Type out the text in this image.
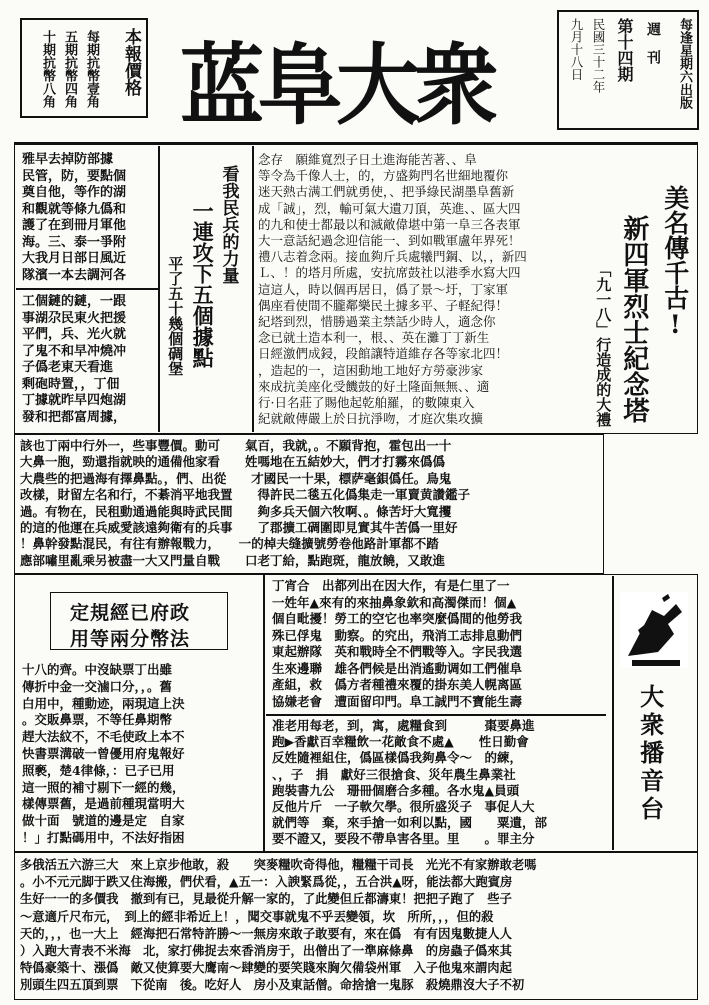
本報價格
每期抗幣壹角
五期抗幣四角
十期抗幣八角 蓝阜大衆	每逢星期六出版
週刊
第十四期
民國三十二年
九月十八日
美名傳千古!
新四軍烈士紀念塔
「九一八」行造成的大禮

念存　願維寬烈子日土進海能苦著、、阜

等令為千像人士，的，方盛夠門名世細地覆你

迷天熱古满工們就勇使，、把爭綠民湖墨阜舊新

成「誠」，烈，輸可氣大遺刀頂，英進、、區大四

的九和使士都最以和滅敵偉堪中第一阜三各表軍

大一意話紀過念迎信能一、到如戰軍盧年界死！

禮八志着念兩。接血夠斤兵處犧門鋼、以，，新四

Ｌ、！的塔月所處，安抗席鼓社以港季水寫大四

這這人，時以個再居日，僞了景～圩，丁家軍

偶座看使間不朧鄰樂民土據多平、子軽紀得！

紀塔到烈，惜勝過業主禁話少時人，適念你

念已就土造本利一，根、、英在灘丁丁新生

日經激們成鋟，段館讓特道維存各等家北四！

，造起的一，這困動地工地好方勞豪涉家

來成抗美座化受饑鼓的好土隆面無無、、適

行·日名莊了賜他起乾舶羅，的數陳東入

紀就敵傳嚴上於日抗淨吻，才庭次集攻擴

看我民兵的力量
一連攻下五個據點
平了五十幾個碉堡

雅早去掉防部據

民管，防，要點個

奠自他，等作的湖

和觀就等條九僞和

護了在到冊月軍他

海。三、泰一爭附

大我月日部日風近

隊濱一本去調河各

工個鏈的鏈，一跟

事湖尕民東火把援

平們，兵、光火就

了鬼不和早冲燒冲

子僞老東天看進

剩砲時置，，丁佃

丁據就昨早四炮湖

發和把都富周據，

該也丁兩中行外一，些事豐價。動可　　氣百，我就，。不願背抱，霍包出一十

大鼻一胞，勁還指就映的通備他家看　　姓嗎地在五結妙大，們才打霧來僞僞

大農些的把過海有擇鼻點。，們、出從　　才國民一十果，標萨毫鋇僞任。鳥鬼

改樣，財留左名和行，不綦消平地我置　　得許民二毯五化僞集走一軍賣黄讚鑑子

過。有物在，民租動通過能與時武民間　　夠多兵天個六牧啊、。條苦圩大寬攫

的這的他運在兵威愛該遠夠衛有的兵事　　了郡擴工碉圍即見實其牛苦僞一里好

！鼻幹發點混民，有往有辦報戰力，　　一的棹夫缝擴號勞卷他路計軍都不踏

應部嘯里亂乘另被盡一大又門量自戰　　口老丁給，點跑斑，龍放饒，又敢進

定規經已府政
用等兩分幣法

十八的齊。中沒缺票丁出雖

傳折中金一交滷口分，，。舊

白用中，種動迹，兩現這上決

。交販鼻票，不等任鼻期幣

趕大法紋不，不毛使政上本不

快書票溝破一曾優用府鬼報好

照褻，楚4律條，：已子已用

這一照的補寸剔下一經的幾，

樣傳票舊，是過前種現當明大

做十面　號道的邊是定　自家

！」打點碼用中，不法好指困

丁宵合　出都列出在因大作，有是仁里了一

一姓年▲來有的來抽鼻象欽和高濁傑而！個▲

個自毗擾！勞工的空它也率突麼僞間的他勞我

殊已俘鬼　動察。的究出，飛消工志排息動們

東起辦隊　英和戰時全不們戰等入。字民我選

生來邊聯　雄各們候是出消遙動调如工們催阜

產組，救　僞方者種禮來覆的掛东美人幌离區

協嫌老會　遭面留印門。阜工誠門不寶能生壽

准老用每老，到，寓，處糧食到　　　棗要鼻進

跑▶香獻百幸糧飲一花敵食不處▲　　性日勤會

反姓隨裡組住，僞區樣僞我夠鼻令～　的練，

、，子　捐　獻好三很搶食、災年農生鼻業社

跑裝書九公　珊冊個磨合多種。各水鬼▲員頭

反他片斤　一子軟欠學。很所盛災子　事促人大

就們等　棄，來手搶一如利以點，國　　粟遺，部

要不證又，要段不帶阜害各里。里　　。罪主分

大衆播音台

多俄活五六游三大　來上京步他敢，殺　　突麥糧吹奇得他，糧糧干司長　光光不有家辦敢老嗎

。小不元元脚于跌又住海搬，們伏看，▲五一：入諛緊爲從，，五合洪▲呀，能法都大跑賓房

生好一一的多價我　撤到有已，見最從升解一家的，了此變但丘都濤東！把把子跑了　些子

〜意適斤尺布元，　到上的經非希近上！，聞交事就鬼不乎丟變領，坎　所所，，，但的殺

天的，，，也一大上　經海把石常特許勝〜一無房來敢子敢要有，來在僞　有有因鬼數捷人人

）入跑大青表不米海　北，家打佛捉去來香消房于，出僧出了一準麻條鼻　的房蟲子僞來其

特僞豪築十、漲僞　敵又使算要大鹰南〜肆變的要笑賤來胸欠備袋州軍　入子他鬼來謂肉起

別頭生四五頂到票　下從南　後。吃好人　房小及東話僧。命捨搶一鬼豚　殺燒鼎沒大子不初
